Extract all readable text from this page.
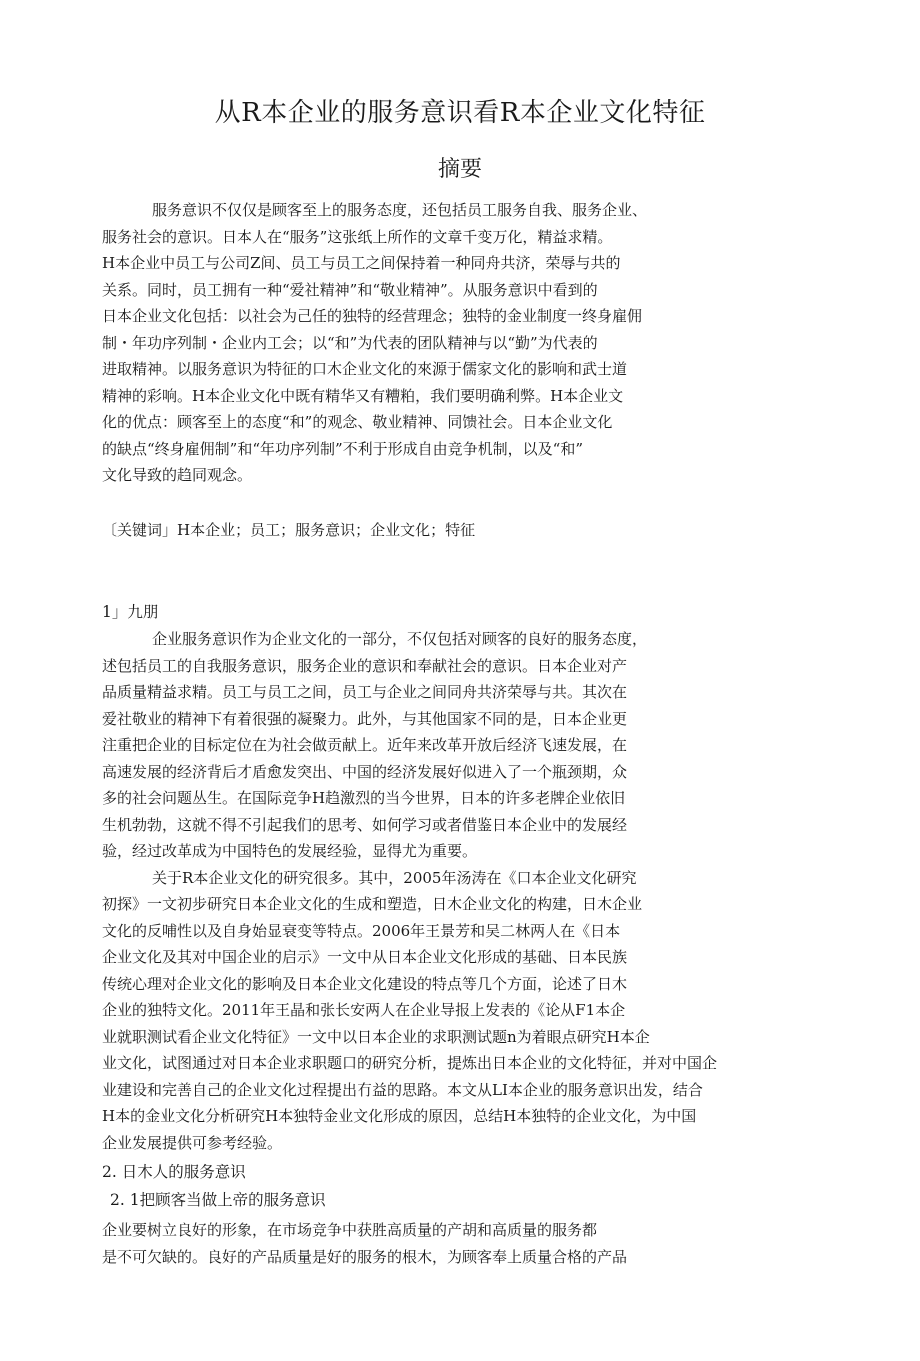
从R本企业的服务意识看R本企业文化特征
摘要
服务意识不仅仅是顾客至上的服务态度，还包括员工服务自我、服务企业、
服务社会的意识。日本人在“服务”这张纸上所作的文章千变万化，精益求精。
H本企业中员工与公司Z间、员工与员工之间保持着一种同舟共济，荣辱与共的
关系。同时，员工拥有一种“爱社精神”和“敬业精神”。从服务意识中看到的
日本企业文化包括：以社会为己任的独特的经营理念；独特的金业制度一终身雇佣
制・年功序列制・企业内工会；以“和”为代表的团队精神与以“勤”为代表的
进取精神。以服务意识为特征的口木企业文化的來源于儒家文化的影响和武士道
精神的彩响。H本企业文化中既有精华又有糟粕，我们要明确利弊。H本企业文
化的优点：顾客至上的态度“和”的观念、敬业精神、同馈社会。日本企业文化
的缺点“终身雇佣制”和“年功序列制”不利于形成自由竞争机制，以及“和”
文化导致的趋同观念。
〔关键词」H本企业；员工；服务意识；企业文化；特征
1」九朋
企业服务意识作为企业文化的一部分，不仅包括对顾客的良好的服务态度，
述包括员工的自我服务意识，服务企业的意识和奉献社会的意识。日本企业对产
品质量精益求精。员工与员工之间，员工与企业之间同舟共济荣辱与共。其次在
爱社敬业的精神下有着很强的凝聚力。此外，与其他国家不同的是，日本企业更
注重把企业的目标定位在为社会做贡献上。近年来改革开放后经济飞速发展，在
高速发展的经济背后才盾愈发突出、中国的经济发展好似进入了一个瓶颈期，众
多的社会问题丛生。在国际竞争H趋激烈的当今世界，日本的许多老牌企业依旧
生机勃勃，这就不得不引起我们的思考、如何学习或者借鉴日本企业中的发展经
验，经过改革成为中国特色的发展经验，显得尤为重要。
关于R本企业文化的研究很多。其中，2005年汤涛在《口本企业文化研究
初探》一文初步研究日本企业文化的生成和塑造，日木企业文化的构建，日木企业
文化的反哺性以及自身始显衰变等特点。2006年王景芳和吴二林两人在《日本
企业文化及其对中国企业的启示》一文中从日本企业文化形成的基础、日本民族
传统心理对企业文化的影响及日本企业文化建设的特点等几个方面，论述了日木
企业的独特文化。2011年王晶和张长安两人在企业导报上发表的《论从F1本企
业就职测试看企业文化特征》一文中以日本企业的求职测试题n为着眼点研究H本企
业文化，试图通过对日本企业求职题口的研究分析，提炼出日本企业的文化特征，并对中国企
业建设和完善自己的企业文化过程提出冇益的思路。本文从LI本企业的服务意识出发，结合
H本的金业文化分析研究H本独特金业文化形成的原因，总结H本独特的企业文化，为中国
企业发展提供可参考经验。
2. 日木人的服务意识
2. 1把顾客当做上帝的服务意识
企业要树立良好的形象，在市场竞争中获胜高质量的产胡和高质量的服务都
是不可欠缺的。良好的产品质量是好的服务的根木，为顾客奉上质量合格的产品
